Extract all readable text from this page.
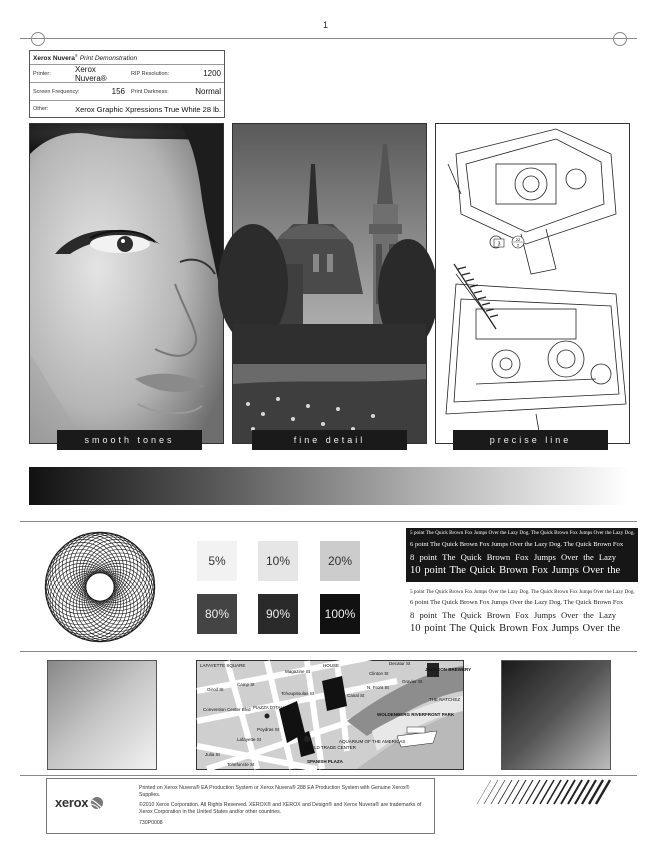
1
Xerox Nuvera® Print Demonstration
Printer:	Xerox Nuvera®	RIP Resolution:	1200
Screen Frequency:	156 Print Darkness:	Normal
Other:	Xerox Graphic Xpressions True White 28 lb.
3
22
2
smooth tones	fine detail	precise line
5%	10%	20%
80%	90%	100%
5 point The Quick Brown Fox Jumps Over the Lazy Dog. The Quick Brown Fox Jumps Over the Lazy Dog.
6 point The Quick Brown Fox Jumps Over the Lazy Dog. The Quick Brown Fox
8 point The Quick Brown Fox Jumps Over the Lazy
10 point The Quick Brown Fox Jumps Over the
5 point The Quick Brown Fox Jumps Over the Lazy Dog. The Quick Brown Fox Jumps Over the Lazy Dog.
6 point The Quick Brown Fox Jumps Over the Lazy Dog. The Quick Brown Fox
8 point The Quick Brown Fox Jumps Over the Lazy
10 point The Quick Brown Fox Jumps Over the
LAFAYETTE SQUARE	HOUSE
JACKSON BREWERY
THE NATCHEZ
WOLDENBERG RIVERFRONT PARK
AQUARIUM OF THE AMERICAS
WORLD TRADE CENTER
PIAZZA D'ITALIA
SPANISH PLAZA
Magazine St
Tchoupitoulas St
Camp St
Clinton St
N. Front St
Convention Center Blvd
Poydras St
Canal St
Girod St
Gravier St
Lafayette St
Julia St
Tchefuncte St
Decatur St
xerox
Printed on Xerox Nuvera® EA Production System or Xerox Nuvera® 288 EA Production System with Genuine Xerox® Supplies.
©2010 Xerox Corporation. All Rights Reserved. XEROX® and XEROX and Design® and Xerox Nuvera® are trademarks of Xerox Corporation in the United States and/or other countries.
730P0008
